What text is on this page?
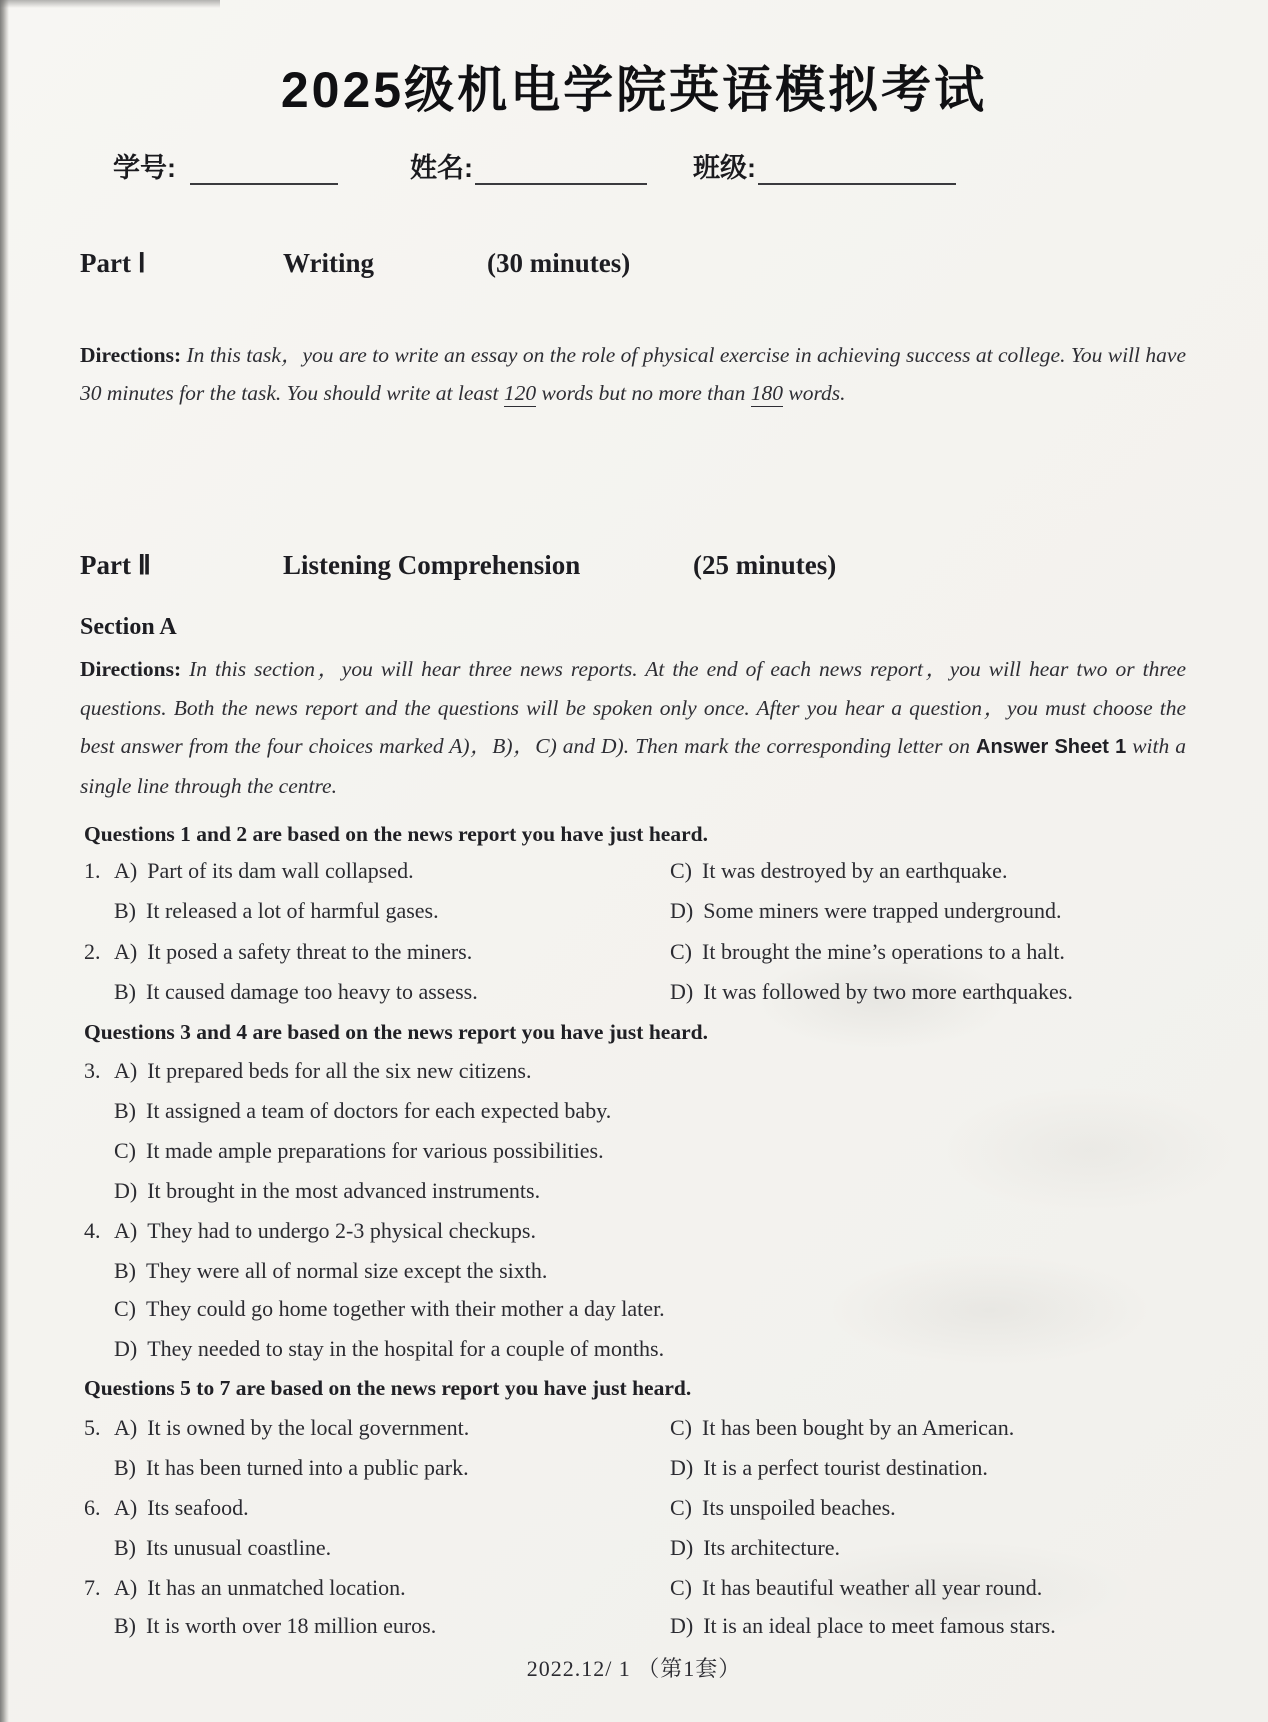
2025级机电学院英语模拟考试
学号:	姓名:	班级:
Part Ⅰ	Writing	(30 minutes)
Directions: In this task，you are to write an essay on the role of physical exercise in achieving success at college. You will have 30 minutes for the task. You should write at least 120 words but no more than 180 words.
Part Ⅱ	Listening Comprehension	(25 minutes)
Section A
Directions: In this section，you will hear three news reports. At the end of each news report，you will hear two or three questions. Both the news report and the questions will be spoken only once. After you hear a question，you must choose the best answer from the four choices marked A)，B)，C) and D). Then mark the corresponding letter on Answer Sheet 1 with a single line through the centre.
Questions 1 and 2 are based on the news report you have just heard.
1. A) Part of its dam wall collapsed.	C) It was destroyed by an earthquake.
B) It released a lot of harmful gases.	D) Some miners were trapped underground.
2. A) It posed a safety threat to the miners.	C) It brought the mine’s operations to a halt.
B) It caused damage too heavy to assess.	D) It was followed by two more earthquakes.
Questions 3 and 4 are based on the news report you have just heard.
3. A) It prepared beds for all the six new citizens.
B) It assigned a team of doctors for each expected baby.
C) It made ample preparations for various possibilities.
D) It brought in the most advanced instruments.
4. A) They had to undergo 2-3 physical checkups.
B) They were all of normal size except the sixth.
C) They could go home together with their mother a day later.
D) They needed to stay in the hospital for a couple of months.
Questions 5 to 7 are based on the news report you have just heard.
5. A) It is owned by the local government.	C) It has been bought by an American.
B) It has been turned into a public park.	D) It is a perfect tourist destination.
6. A) Its seafood.	C) Its unspoiled beaches.
B) Its unusual coastline.	D) Its architecture.
7. A) It has an unmatched location.	C) It has beautiful weather all year round.
B) It is worth over 18 million euros.	D) It is an ideal place to meet famous stars.
2022.12/ 1 （第1套）
